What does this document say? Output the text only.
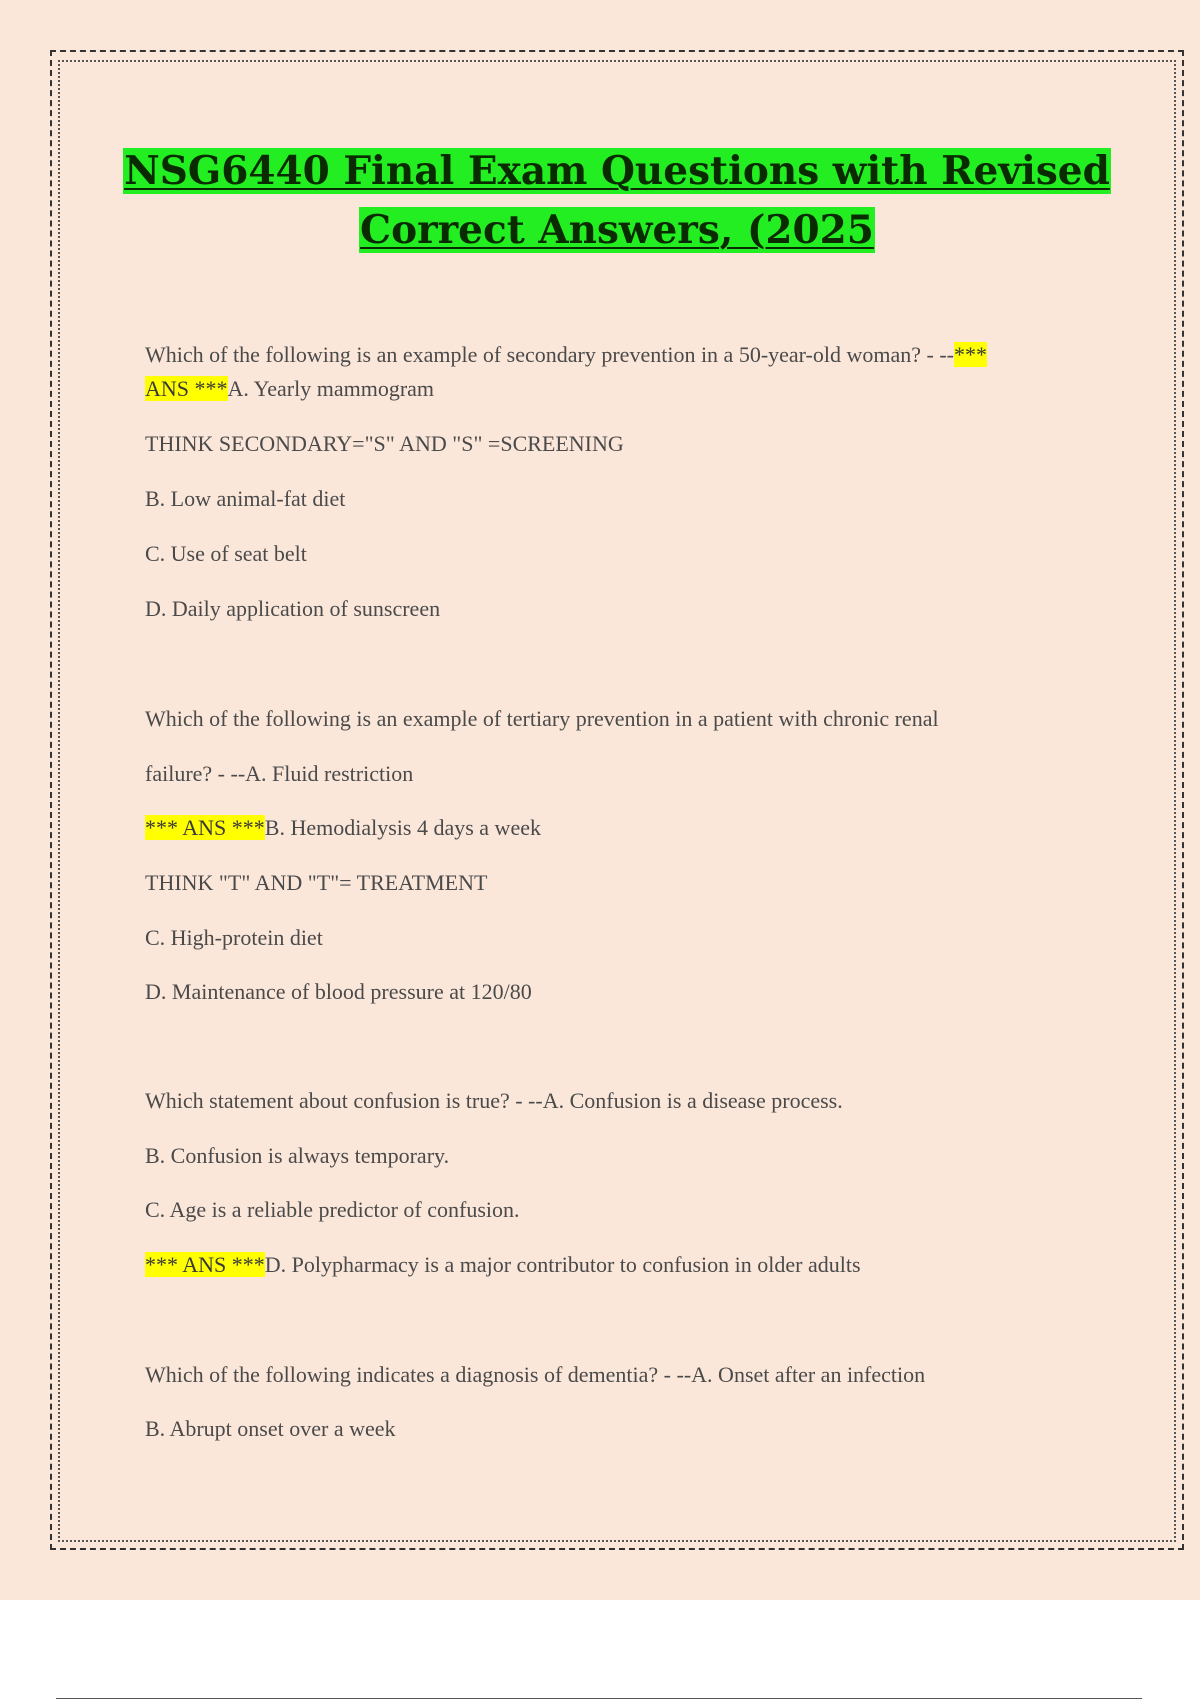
NSG6440 Final Exam Questions with Revised
Correct Answers, (2025

Which of the following is an example of secondary prevention in a 50-year-old woman? - --***

ANS ***A. Yearly mammogram

THINK SECONDARY="S" AND "S" =SCREENING

B. Low animal-fat diet

C. Use of seat belt

D. Daily application of sunscreen

Which of the following is an example of tertiary prevention in a patient with chronic renal

failure? - --A. Fluid restriction

*** ANS ***B. Hemodialysis 4 days a week

THINK "T" AND "T"= TREATMENT

C. High-protein diet

D. Maintenance of blood pressure at 120/80

Which statement about confusion is true? - --A. Confusion is a disease process.

B. Confusion is always temporary.

C. Age is a reliable predictor of confusion.

*** ANS ***D. Polypharmacy is a major contributor to confusion in older adults

Which of the following indicates a diagnosis of dementia? - --A. Onset after an infection

B. Abrupt onset over a week
